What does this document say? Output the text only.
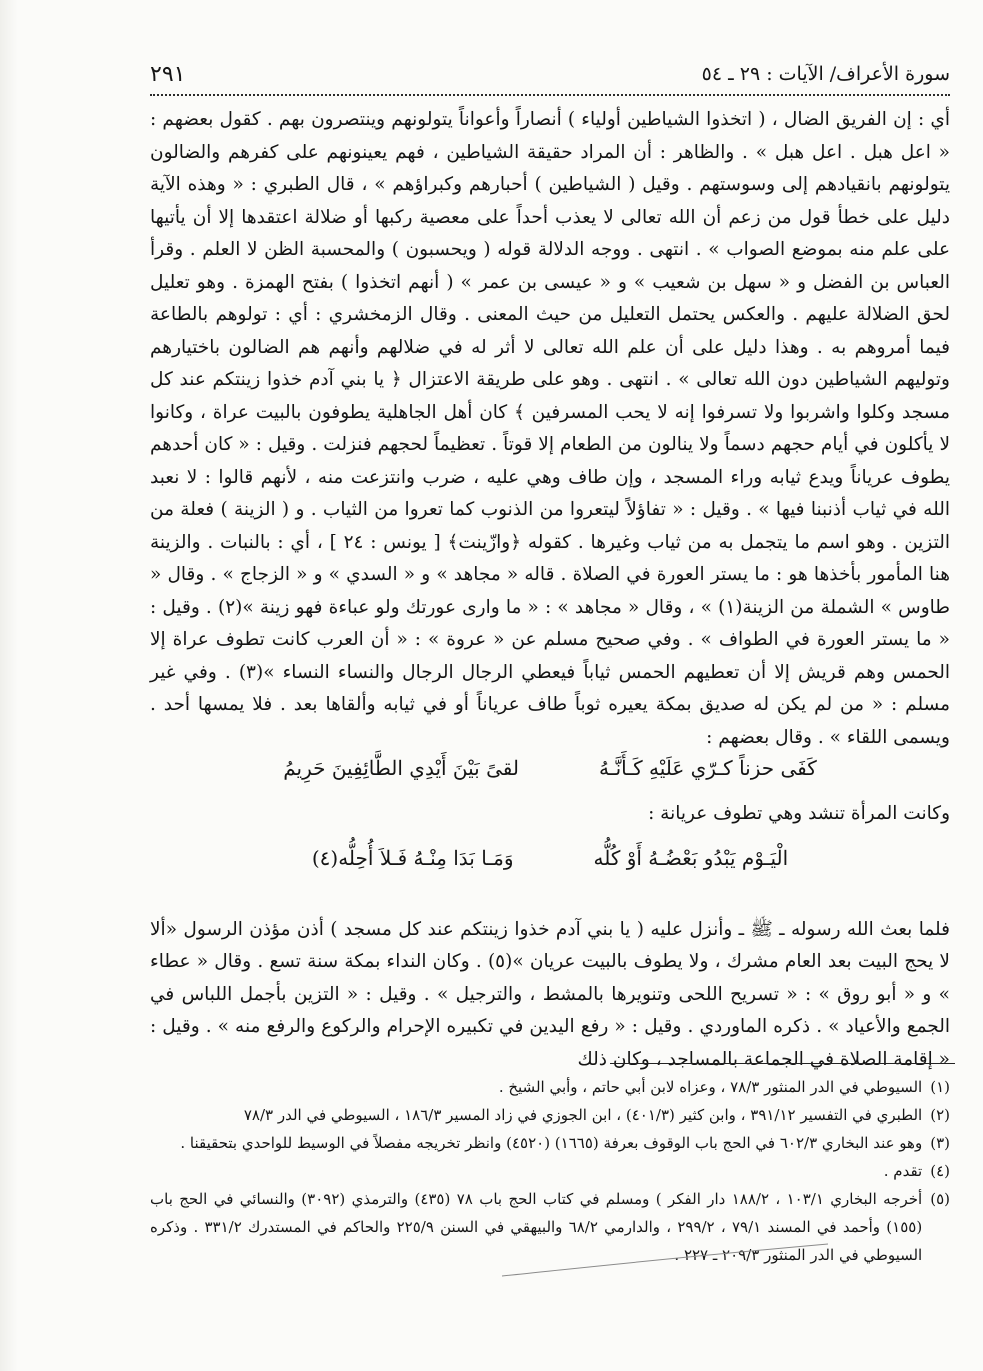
٢٩١	سورة الأعراف/ الآيات : ٢٩ ـ ٥٤

أي : إن الفريق الضال ، ( اتخذوا الشياطين أولياء ) أنصاراً وأعواناً يتولونهم وينتصرون بهم . كقول بعضهم : « اعل هبل . اعل هبل » . والظاهر : أن المراد حقيقة الشياطين ، فهم يعينونهم على كفرهم والضالون يتولونهم بانقيادهم إلى وسوستهم . وقيل ( الشياطين ) أحبارهم وكبراؤهم » ، قال الطبري : « وهذه الآية دليل على خطأ قول من زعم أن الله تعالى لا يعذب أحداً على معصية ركبها أو ضلالة اعتقدها إلا أن يأتيها على علم منه بموضع الصواب » . انتهى . ووجه الدلالة قوله ( ويحسبون ) والمحسبة الظن لا العلم . وقرأ العباس بن الفضل و « سهل بن شعيب » و « عيسى بن عمر » ( أنهم اتخذوا ) بفتح الهمزة . وهو تعليل لحق الضلالة عليهم . والعكس يحتمل التعليل من حيث المعنى . وقال الزمخشري : أي : تولوهم بالطاعة فيما أمروهم به . وهذا دليل على أن علم الله تعالى لا أثر له في ضلالهم وأنهم هم الضالون باختيارهم وتوليهم الشياطين دون الله تعالى » . انتهى . وهو على طريقة الاعتزال ﴿ يا بني آدم خذوا زينتكم عند كل مسجد وكلوا واشربوا ولا تسرفوا إنه لا يحب المسرفين ﴾ كان أهل الجاهلية يطوفون بالبيت عراة ، وكانوا لا يأكلون في أيام حجهم دسماً ولا ينالون من الطعام إلا قوتاً . تعظيماً لحجهم فنزلت . وقيل : « كان أحدهم يطوف عرياناً ويدع ثيابه وراء المسجد ، وإن طاف وهي عليه ، ضرب وانتزعت منه ، لأنهم قالوا : لا نعبد الله في ثياب أذنبنا فيها » . وقيل : « تفاؤلاً ليتعروا من الذنوب كما تعروا من الثياب . و ( الزينة ) فعلة من التزين . وهو اسم ما يتجمل به من ثياب وغيرها . كقوله ﴿وازّينت﴾ [ يونس : ٢٤ ] ، أي : بالنبات . والزينة هنا المأمور بأخذها هو : ما يستر العورة في الصلاة . قاله « مجاهد » و « السدي » و « الزجاج » . وقال « طاوس » الشملة من الزينة(١) » ، وقال « مجاهد » : « ما وارى عورتك ولو عباءة فهو زينة »(٢) . وقيل : « ما يستر العورة في الطواف » . وفي صحيح مسلم عن « عروة » : « أن العرب كانت تطوف عراة إلا الحمس وهم قريش إلا أن تعطيهم الحمس ثياباً فيعطي الرجال الرجال والنساء النساء »(٣) . وفي غير مسلم : « من لم يكن له صديق بمكة يعيره ثوباً طاف عرياناً أو في ثيابه وألقاها بعد . فلا يمسها أحد . ويسمى اللقاء » . وقال بعضهم :

كَفَى حزناً كـرّي عَلَيْهِ كَـأَنَّـهُ
لقىً بَيْنَ أَيْدِي الطَّائِفِينَ حَرِيمُ
وكانت المرأة تنشد وهي تطوف عريانة :
الْيَـوْم يَبْدُو بَعْضُـهُ أَوْ كُلُّه
وَمَـا بَدَا مِنْـهُ فَـلاَ أُحِلُّه(٤)

فلما بعث الله رسوله ـ ﷺ ـ وأنزل عليه ( يا بني آدم خذوا زينتكم عند كل مسجد ) أذن مؤذن الرسول «ألا لا يحج البيت بعد العام مشرك ، ولا يطوف بالبيت عريان »(٥) . وكان النداء بمكة سنة تسع . وقال « عطاء » و « أبو روق » : « تسريح اللحى وتنويرها بالمشط ، والترجيل » . وقيل : « التزين بأجمل اللباس في الجمع والأعياد » . ذكره الماوردي . وقيل : « رفع اليدين في تكبيره الإحرام والركوع والرفع منه » . وقيل : « إقامة الصلاة في الجماعة بالمساجد ، وكان ذلك

(١)
السيوطي في الدر المنثور ٧٨/٣ ، وعزاه لابن أبي حاتم ، وأبي الشيخ .
(٢)
الطبري في التفسير ٣٩١/١٢ ، وابن كثير (٤٠١/٣) ، ابن الجوزي في زاد المسير ١٨٦/٣ ، السيوطي في الدر ٧٨/٣
(٣)
وهو عند البخاري ٦٠٢/٣ في الحج باب الوقوف بعرفة (١٦٦٥) (٤٥٢٠) وانظر تخريجه مفصلاً في الوسيط للواحدي بتحقيقنا .
(٤)
تقدم .
(٥)
أخرجه البخاري ١٠٣/١ ، ١٨٨/٢ دار الفكر ) ومسلم في كتاب الحج باب ٧٨ (٤٣٥) والترمذي (٣٠٩٢) والنسائي في الحج باب (١٥٥) وأحمد في المسند ٧٩/١ ، ٢٩٩/٢ ، والدارمي ٦٨/٢ والبيهقي في السنن ٢٢٥/٩ والحاكم في المستدرك ٣٣١/٢ . وذكره السيوطي في الدر المنثور ٢٠٩/٣ ـ ٢٢٧ .
